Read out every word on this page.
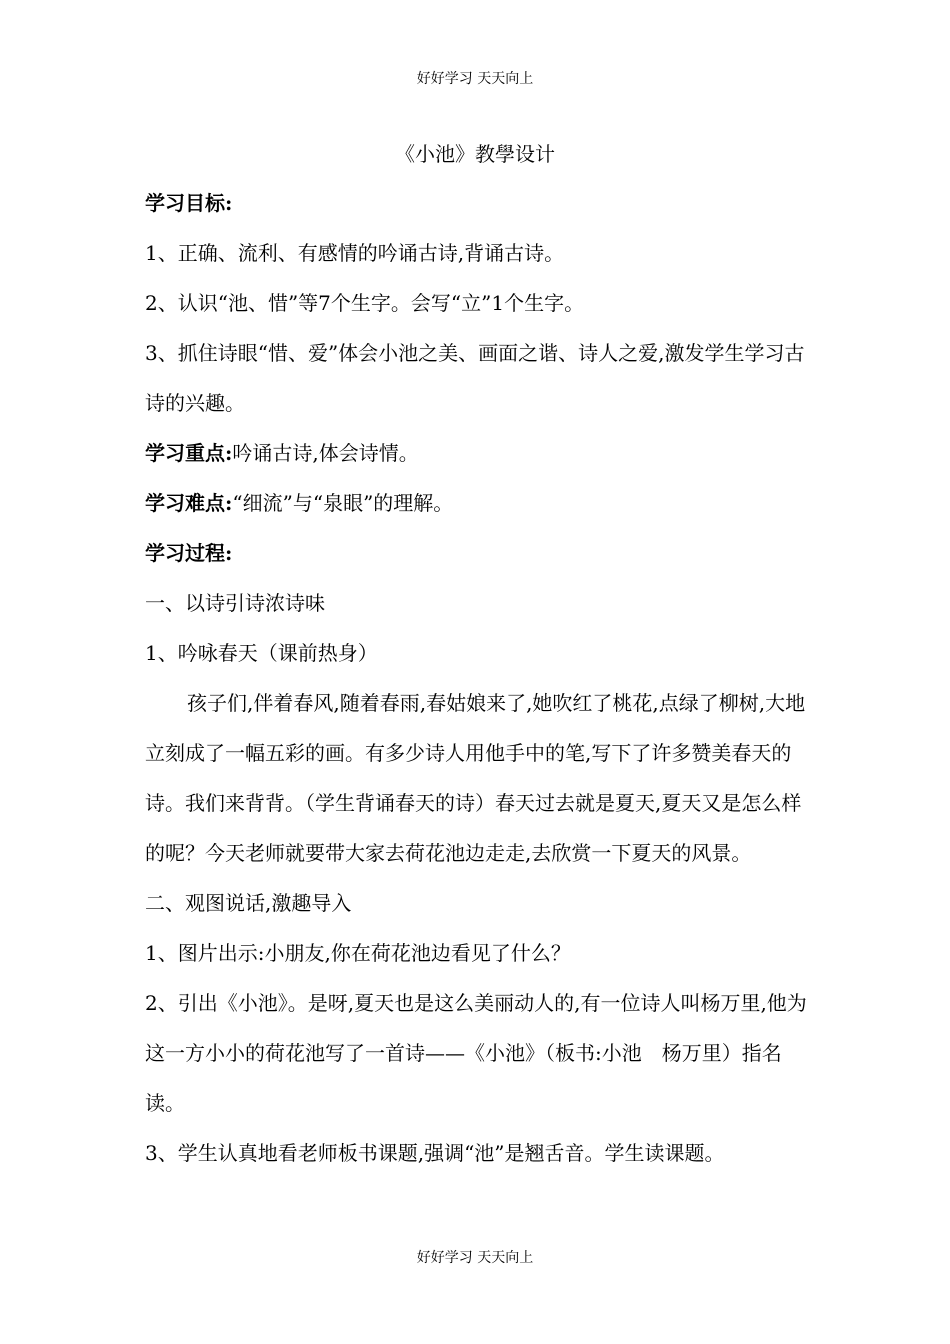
好好学习 天天向上
《小池》教學设计

学习目标:

1、正确、流利、有感情的吟诵古诗,背诵古诗。

2、认识“池、惜”等7个生字。会写“立”1个生字。

3、抓住诗眼“惜、爱”体会小池之美、画面之谐、诗人之爱,激发学生学习古诗的兴趣。

学习重点:吟诵古诗,体会诗情。

学习难点:“细流”与“泉眼”的理解。

学习过程:

一、以诗引诗浓诗味

1、吟咏春天（课前热身）

孩子们,伴着春风,随着春雨,春姑娘来了,她吹红了桃花,点绿了柳树,大地立刻成了一幅五彩的画。有多少诗人用他手中的笔,写下了许多赞美春天的诗。我们来背背。（学生背诵春天的诗）春天过去就是夏天,夏天又是怎么样的呢？今天老师就要带大家去荷花池边走走,去欣赏一下夏天的风景。

二、观图说话,激趣导入

1、图片出示:小朋友,你在荷花池边看见了什么？

2、引出《小池》。是呀,夏天也是这么美丽动人的,有一位诗人叫杨万里,他为这一方小小的荷花池写了一首诗——《小池》（板书:小池　杨万里）指名读。

3、学生认真地看老师板书课题,强调“池”是翘舌音。学生读课题。

好好学习 天天向上
